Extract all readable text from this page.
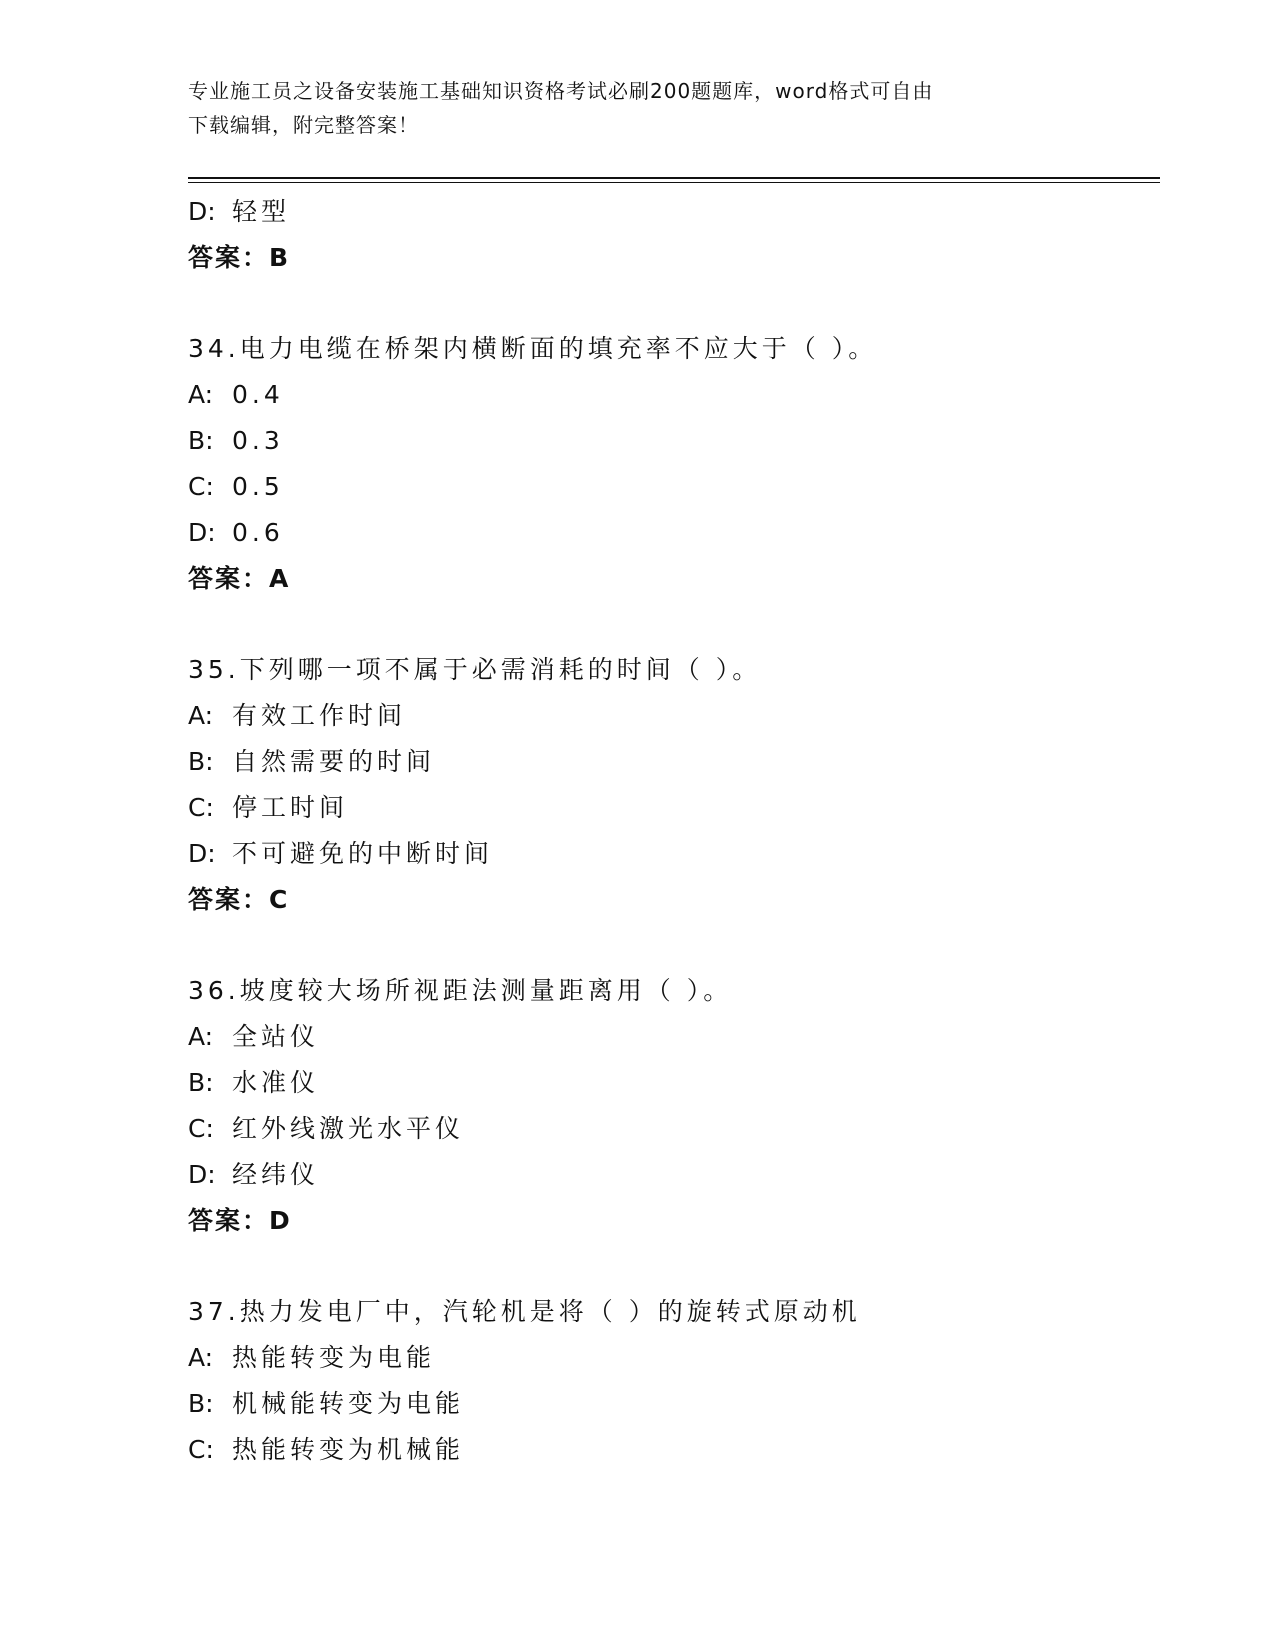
专业施工员之设备安装施工基础知识资格考试必刷200题题库，word格式可自由
下载编辑，附完整答案！
D: 轻型
答案：B
34.电力电缆在桥架内横断面的填充率不应大于（ ）。
A: 0.4
B: 0.3
C: 0.5
D: 0.6
答案：A
35.下列哪一项不属于必需消耗的时间（ ）。
A: 有效工作时间
B: 自然需要的时间
C: 停工时间
D: 不可避免的中断时间
答案：C
36.坡度较大场所视距法测量距离用（ ）。
A: 全站仪
B: 水准仪
C: 红外线激光水平仪
D: 经纬仪
答案：D
37.热力发电厂中，汽轮机是将（ ）的旋转式原动机
A: 热能转变为电能
B: 机械能转变为电能
C: 热能转变为机械能
